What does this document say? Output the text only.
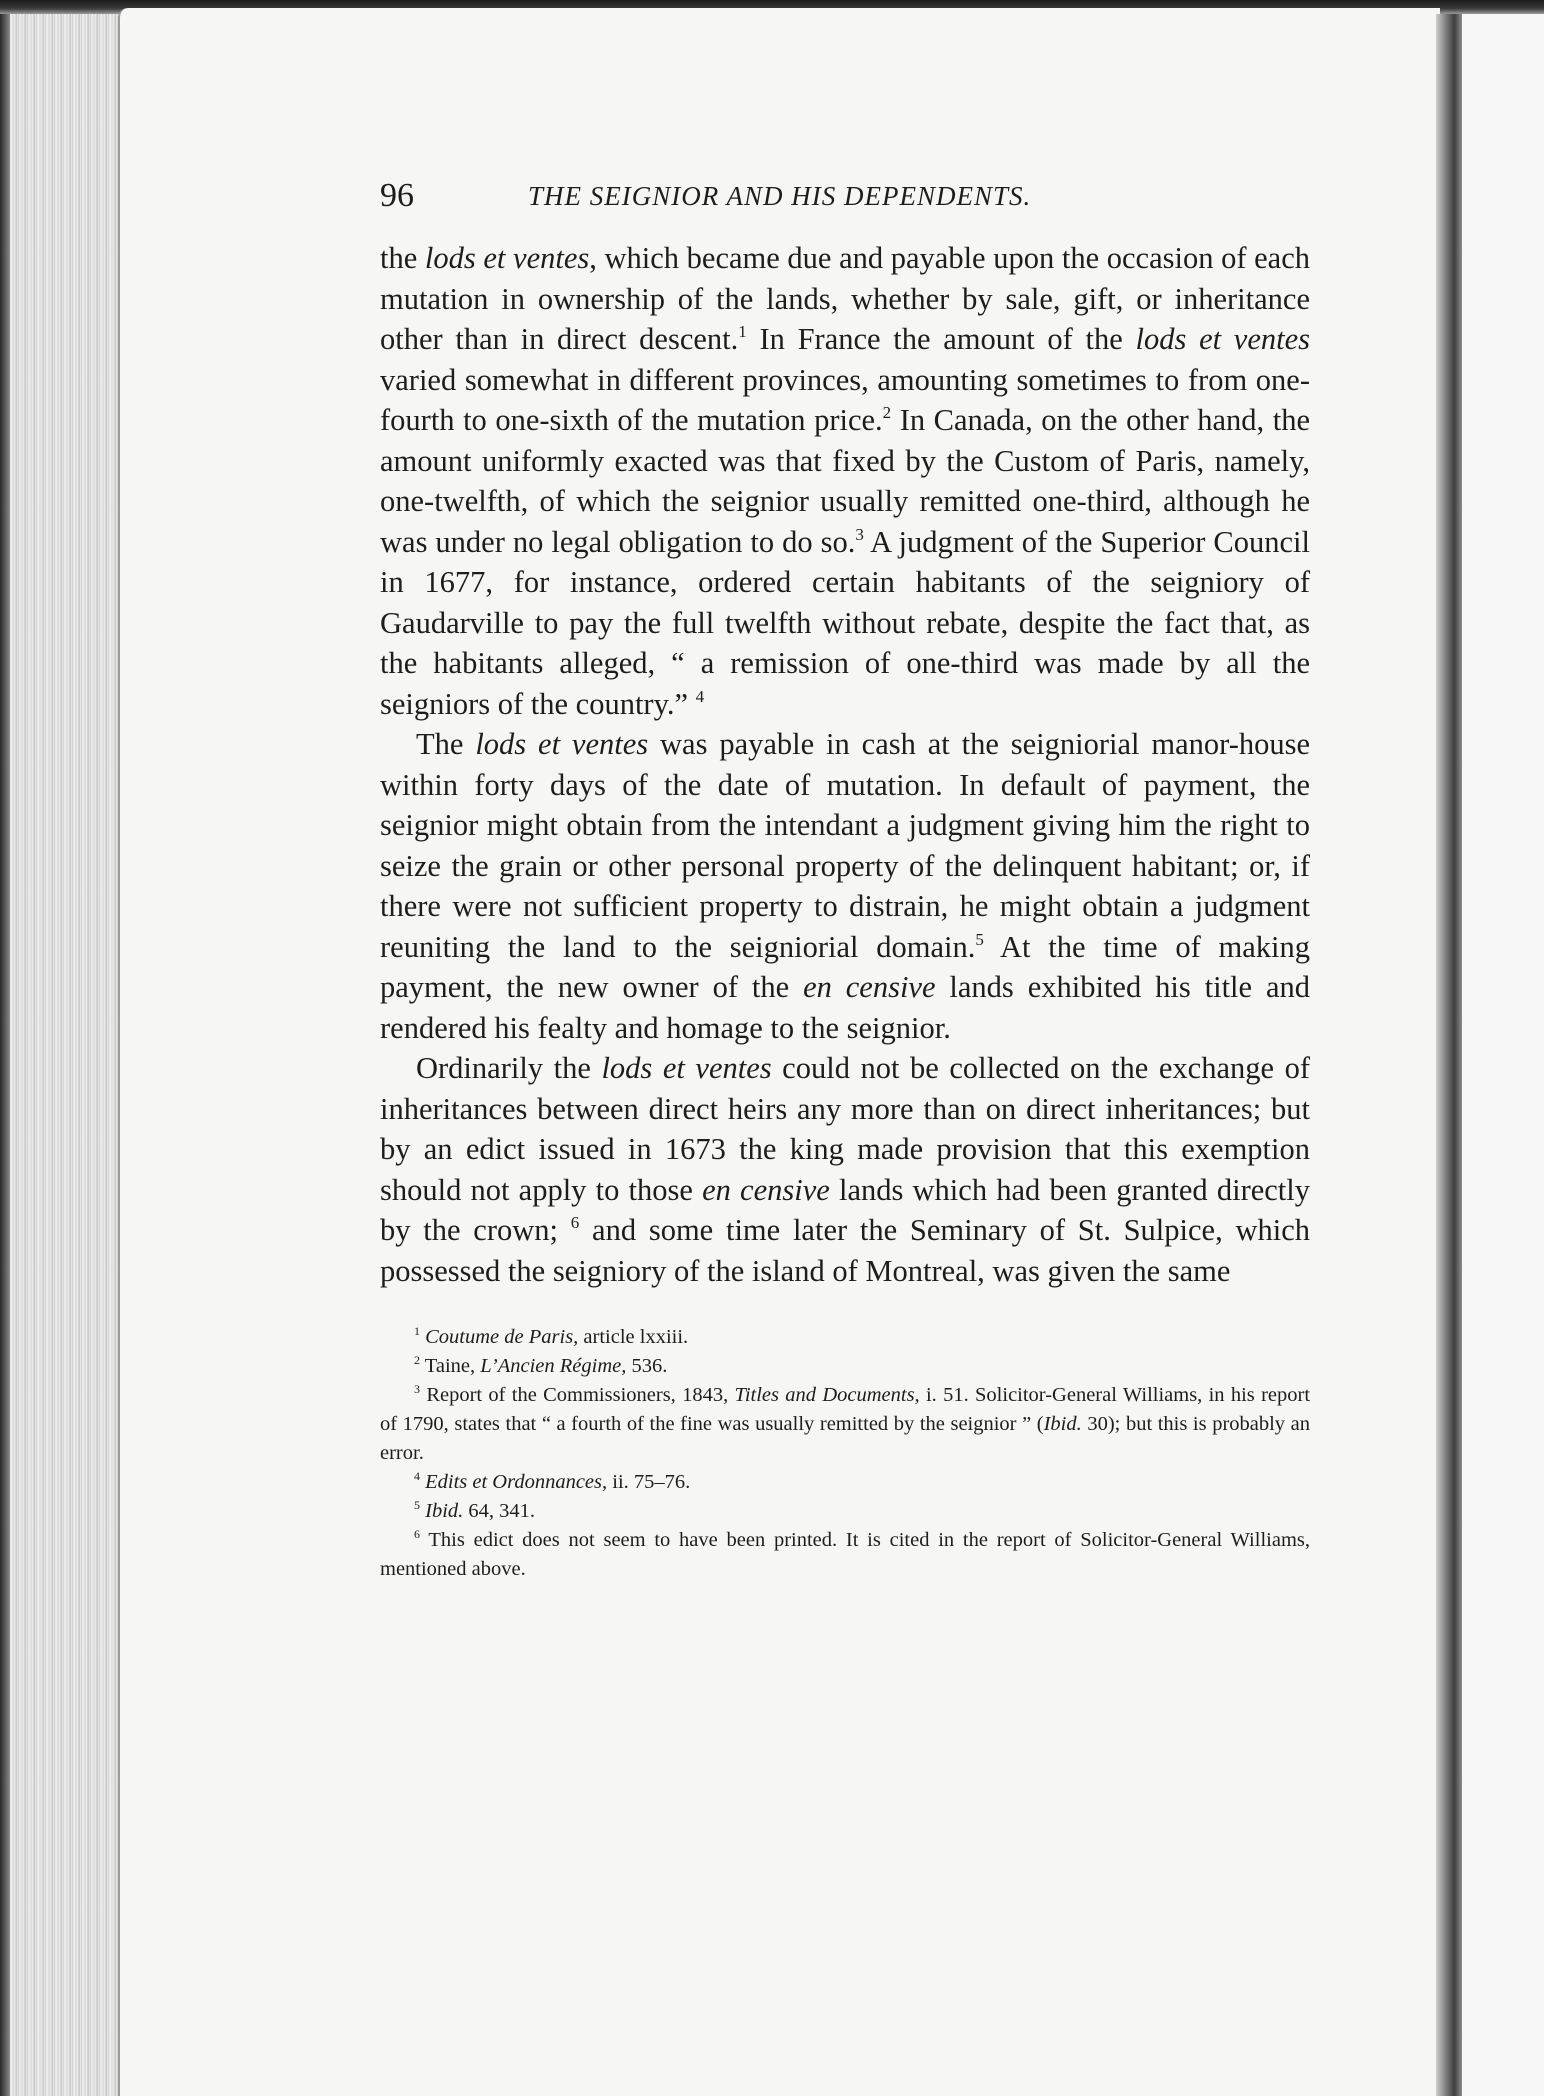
96	THE SEIGNIOR AND HIS DEPENDENTS.

the lods et ventes, which became due and payable upon the occasion of each mutation in ownership of the lands, whether by sale, gift, or inheritance other than in direct descent.$^1$ In France the amount of the lods et ventes varied somewhat in different provinces, amounting sometimes to from one-fourth to one-sixth of the mutation price.$^2$ In Canada, on the other hand, the amount uniformly exacted was that fixed by the Custom of Paris, namely, one-twelfth, of which the seignior usually remitted one-third, although he was under no legal obligation to do so.$^3$ A judgment of the Superior Council in 1677, for instance, ordered certain habitants of the seigniory of Gaudarville to pay the full twelfth without rebate, despite the fact that, as the habitants alleged, “ a remission of one-third was made by all the seigniors of the country.” $^4$

The lods et ventes was payable in cash at the seigniorial manor-house within forty days of the date of mutation. In default of payment, the seignior might obtain from the intendant a judgment giving him the right to seize the grain or other personal property of the delinquent habitant; or, if there were not sufficient property to distrain, he might obtain a judgment reuniting the land to the seigniorial domain.$^5$ At the time of making payment, the new owner of the en censive lands exhibited his title and rendered his fealty and homage to the seignior.

Ordinarily the lods et ventes could not be collected on the exchange of inheritances between direct heirs any more than on direct inheritances; but by an edict issued in 1673 the king made provision that this exemption should not apply to those en censive lands which had been granted directly by the crown; $^6$ and some time later the Seminary of St. Sulpice, which possessed the seigniory of the island of Montreal, was given the same

$^1$ Coutume de Paris, article lxxiii.

$^2$ Taine, L’Ancien Régime, 536.

$^3$ Report of the Commissioners, 1843, Titles and Documents, i. 51. Solicitor-General Williams, in his report of 1790, states that “ a fourth of the fine was usually remitted by the seignior ” (Ibid. 30); but this is probably an error.

$^4$ Edits et Ordonnances, ii. 75–76.

$^5$ Ibid. 64, 341.

$^6$ This edict does not seem to have been printed. It is cited in the report of Solicitor-General Williams, mentioned above.
